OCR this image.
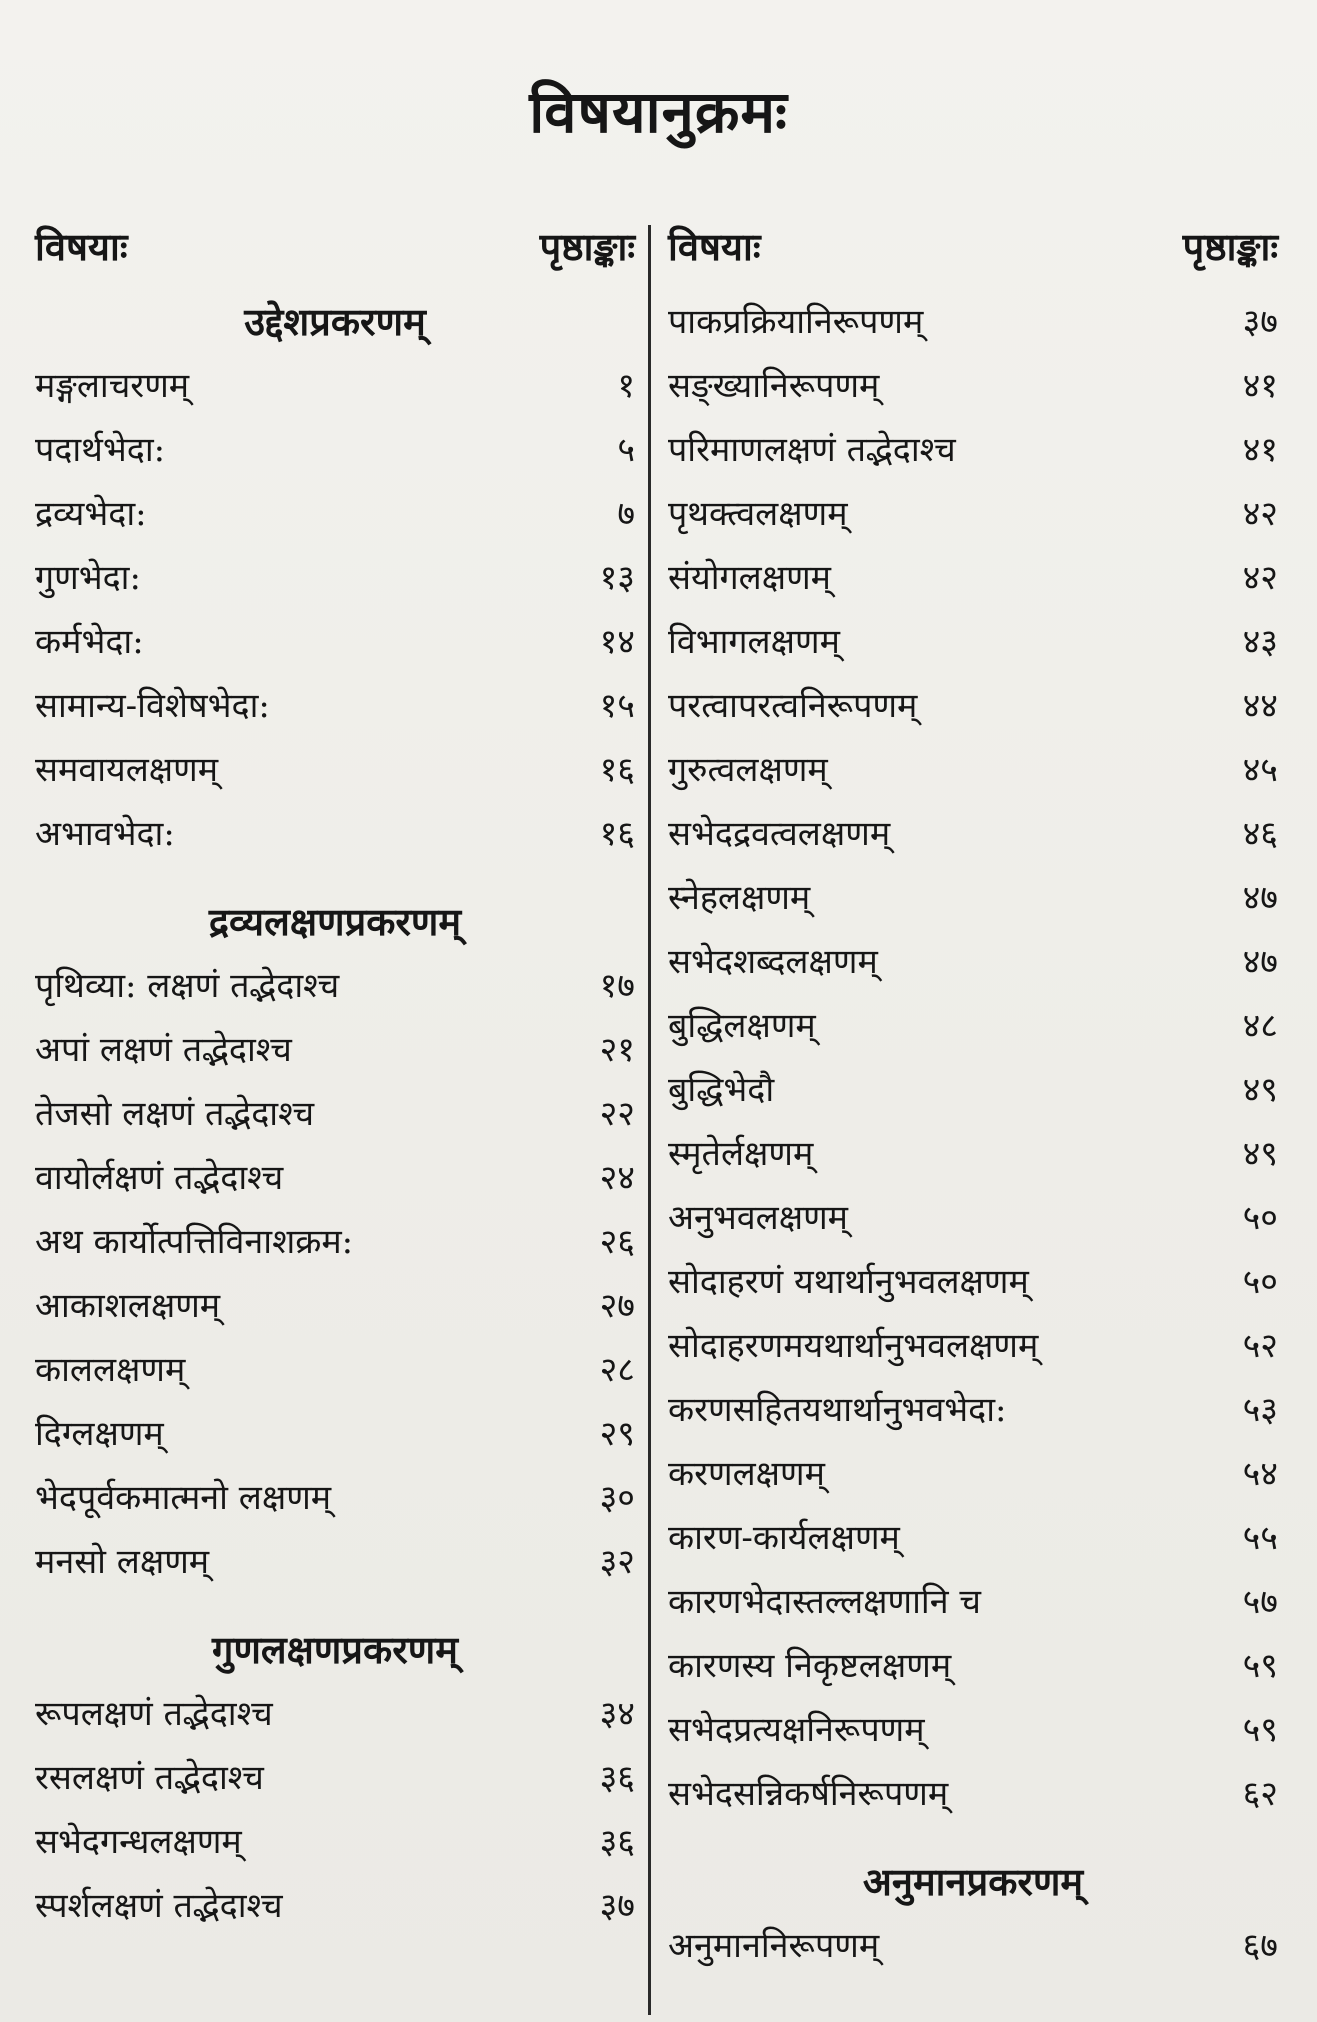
विषयानुक्रमः
विषयाः	पृष्ठाङ्काः
उद्देशप्रकरणम्
मङ्गलाचरणम्	१
पदार्थभेदा:	५
द्रव्यभेदा:	७
गुणभेदा:	१३
कर्मभेदा:	१४
सामान्य-विशेषभेदा:	१५
समवायलक्षणम्	१६
अभावभेदा:	१६
द्रव्यलक्षणप्रकरणम्
पृथिव्या: लक्षणं तद्भेदाश्च	१७
अपां लक्षणं तद्भेदाश्च	२१
तेजसो लक्षणं तद्भेदाश्च	२२
वायोर्लक्षणं तद्भेदाश्च	२४
अथ कार्योत्पत्तिविनाशक्रम:	२६
आकाशलक्षणम्	२७
काललक्षणम्	२८
दिग्लक्षणम्	२९
भेदपूर्वकमात्मनो लक्षणम्	३०
मनसो लक्षणम्	३२
गुणलक्षणप्रकरणम्
रूपलक्षणं तद्भेदाश्च	३४
रसलक्षणं तद्भेदाश्च	३६
सभेदगन्धलक्षणम्	३६
स्पर्शलक्षणं तद्भेदाश्च	३७
विषयाः	पृष्ठाङ्काः
पाकप्रक्रियानिरूपणम्	३७
सङ्ख्यानिरूपणम्	४१
परिमाणलक्षणं तद्भेदाश्च	४१
पृथक्त्वलक्षणम्	४२
संयोगलक्षणम्	४२
विभागलक्षणम्	४३
परत्वापरत्वनिरूपणम्	४४
गुरुत्वलक्षणम्	४५
सभेदद्रवत्वलक्षणम्	४६
स्नेहलक्षणम्	४७
सभेदशब्दलक्षणम्	४७
बुद्धिलक्षणम्	४८
बुद्धिभेदौ	४९
स्मृतेर्लक्षणम्	४९
अनुभवलक्षणम्	५०
सोदाहरणं यथार्थानुभवलक्षणम्	५०
सोदाहरणमयथार्थानुभवलक्षणम्	५२
करणसहितयथार्थानुभवभेदा:	५३
करणलक्षणम्	५४
कारण-कार्यलक्षणम्	५५
कारणभेदास्तल्लक्षणानि च	५७
कारणस्य निकृष्टलक्षणम्	५९
सभेदप्रत्यक्षनिरूपणम्	५९
सभेदसन्निकर्षनिरूपणम्	६२
अनुमानप्रकरणम्
अनुमाननिरूपणम्	६७
